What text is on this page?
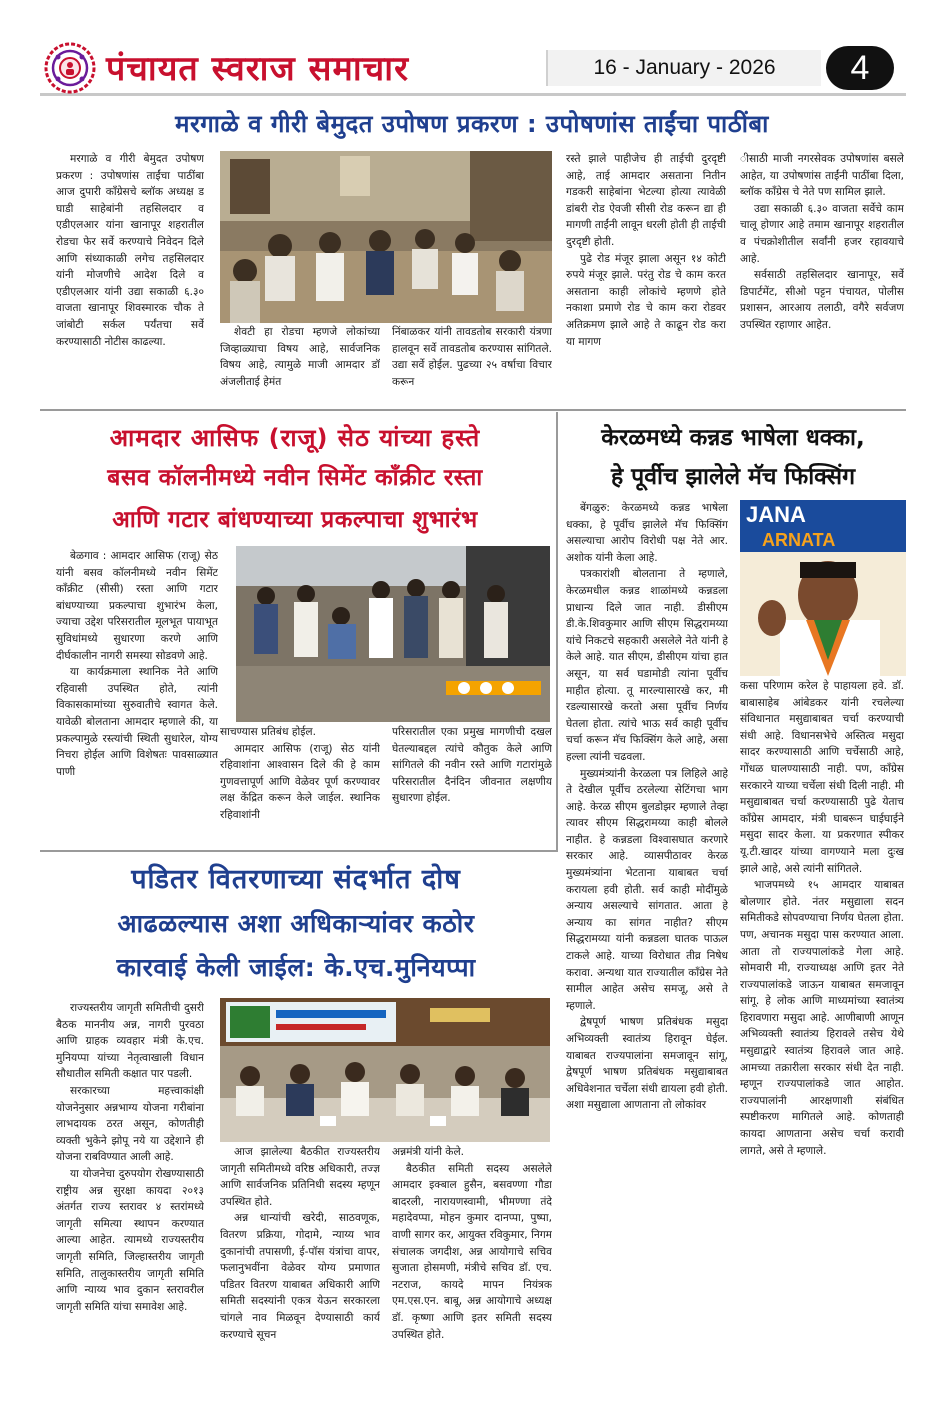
पंचायत स्वराज समाचार	16 - January - 2026	4
मरगाळे व गीरी बेमुदत उपोषण प्रकरण : उपोषणांस ताईंचा पाठींबा

मरगाळे व गीरी बेमुदत उपोषण प्रकरण : उपोषणांस ताईंचा पाठींबा आज दुपारी कॉंग्रेसचे ब्लॉक अध्यक्ष ड घाडी साहेबांनी तहसिलदार व एडीएलआर यांना खानापूर शहरातील रोडचा फेर सर्वे करण्याचे निवेदन दिले आणि संध्याकाळी लगेच तहसिलदार यांनी मोजणीचे आदेश दिले व एडीएलआर यांनी उद्या सकाळी ६.३० वाजता खानापूर शिवस्मारक चौक ते जांबोटी सर्कल पर्यंतचा सर्वे करण्यासाठी नोटीस काढल्या.

शेवटी हा रोडचा म्हणजे लोकांच्या जिव्हाळ्याचा विषय आहे, सार्वजनिक विषय आहे, त्यामुळे माजी आमदार डॉ अंजलीताई हेमंत

निंबाळकर यांनी तावडतोब सरकारी यंत्रणा हालवून सर्वे तावडतोब करण्यास सांगितले. उद्या सर्वे होईल. पुढच्या २५ वर्षाचा विचार करून

रस्ते झाले पाहीजेच ही ताईची दुरदृष्टी आहे, ताई आमदार असताना नितीन गडकरी साहेबांना भेटल्या होत्या त्यावेळी डांबरी रोड ऐवजी सीसी रोड करून द्या ही मागणी ताईंनी लावून धरली होती ही ताईची दुरदृष्टी होती.

पुढे रोड मंजूर झाला असून १४ कोटी रुपये मंजूर झाले. परंतु रोड चे काम करत असताना काही लोकांचे म्हणणे होते नकाशा प्रमाणे रोड चे काम करा रोडवर अतिक्रमण झाले आहे ते काढून रोड करा या मागण

ीसाठी माजी नगरसेवक उपोषणांस बसले आहेत, या उपोषणांस ताईंनी पाठींबा दिला, ब्लॉक कॉंग्रेस चे नेते पण सामिल झाले.

उद्या सकाळी ६.३० वाजता सर्वेचे काम चालू होणार आहे तमाम खानापूर शहरातील व पंचक्रोशीतील सर्वांनी हजर रहावयाचे आहे.

सर्वसाठी तहसिलदार खानापूर, सर्वे डिपार्टमेंट, सीओ पट्टन पंचायत, पोलीस प्रशासन, आरआय तलाठी, वगैरे सर्वजण उपस्थित रहाणार आहेत.

आमदार आसिफ (राजू) सेठ यांच्या हस्ते
बसव कॉलनीमध्ये नवीन सिमेंट कॉंक्रीट रस्ता
आणि गटार बांधण्याच्या प्रकल्पाचा शुभारंभ

बेळगाव : आमदार आसिफ (राजू) सेठ यांनी बसव कॉलनीमध्ये नवीन सिमेंट कॉंक्रीट (सीसी) रस्ता आणि गटार बांधण्याच्या प्रकल्पाचा शुभारंभ केला, ज्याचा उद्देश परिसरातील मूलभूत पायाभूत सुविधांमध्ये सुधारणा करणे आणि दीर्घकालीन नागरी समस्या सोडवणे आहे.

या कार्यक्रमाला स्थानिक नेते आणि रहिवासी उपस्थित होते, त्यांनी विकासकामांच्या सुरुवातीचे स्वागत केले. यावेळी बोलताना आमदार म्हणाले की, या प्रकल्पामुळे रस्त्यांची स्थिती सुधारेल, योग्य निचरा होईल आणि विशेषतः पावसाळ्यात पाणी

साचण्यास प्रतिबंध होईल.

आमदार आसिफ (राजू) सेठ यांनी रहिवाशांना आश्वासन दिले की हे काम गुणवत्तापूर्ण आणि वेळेवर पूर्ण करण्यावर लक्ष केंद्रित करून केले जाईल. स्थानिक रहिवाशांनी

परिसरातील एका प्रमुख मागणीची दखल घेतल्याबद्दल त्यांचे कौतुक केले आणि सांगितले की नवीन रस्ते आणि गटारांमुळे परिसरातील दैनंदिन जीवनात लक्षणीय सुधारणा होईल.

केरळमध्ये कन्नड भाषेला धक्का,
हे पूर्वीच झालेले मॅच फिक्सिंग

बेंगळुरु: केरळमध्ये कन्नड भाषेला धक्का, हे पूर्वीच झालेले मॅच फिक्सिंग असल्याचा आरोप विरोधी पक्ष नेते आर. अशोक यांनी केला आहे.

पत्रकारांशी बोलताना ते म्हणाले, केरळमधील कन्नड शाळांमध्ये कन्नडला प्राधान्य दिले जात नाही. डीसीएम डी.के.शिवकुमार आणि सीएम सिद्धरामय्या यांचे निकटचे सहकारी असलेले नेते यांनी हे केले आहे. यात सीएम, डीसीएम यांचा हात असून, या सर्व घडामोडी त्यांना पूर्वीच माहीत होत्या. तू मारल्यासारखे कर, मी रडल्यासारखे करतो असा पूर्वीच निर्णय घेतला होता. त्यांचे भाऊ सर्व काही पूर्वीच चर्चा करून मॅच फिक्सिंग केले आहे, असा हल्ला त्यांनी चढवला.

मुख्यमंत्र्यांनी केरळला पत्र लिहिले आहे ते देखील पूर्वीच ठरलेल्या सेटिंगचा भाग आहे. केरळ सीएम बुलडोझर म्हणाले तेव्हा त्यावर सीएम सिद्धरामय्या काही बोलले नाहीत. हे कन्नडला विश्वासघात करणारे सरकार आहे. व्यासपीठावर केरळ मुख्यमंत्र्यांना भेटताना याबाबत चर्चा करायला हवी होती. सर्व काही मोदींमुळे अन्याय असल्याचे सांगतात. आता हे अन्याय का सांगत नाहीत? सीएम सिद्धरामय्या यांनी कन्नडला घातक पाऊल टाकले आहे. याच्या विरोधात तीव्र निषेध करावा. अन्यथा यात राज्यातील कॉंग्रेस नेते सामील आहेत असेच समजू, असे ते म्हणाले.

द्वेषपूर्ण भाषण प्रतिबंधक मसुदा अभिव्यक्ती स्वातंत्र्य हिरावून घेईल. याबाबत राज्यपालांना समजावून सांगू, द्वेषपूर्ण भाषण प्रतिबंधक मसुद्याबाबत अधिवेशनात चर्चेला संधी द्यायला हवी होती. अशा मसुद्याला आणताना तो लोकांवर

JANA
ARNATA

कसा परिणाम करेल हे पाहायला हवे. डॉ. बाबासाहेब आंबेडकर यांनी रचलेल्या संविधानात मसुद्याबाबत चर्चा करण्याची संधी आहे. विधानसभेचे अस्तित्व मसुदा सादर करण्यासाठी आणि चर्चेसाठी आहे, गोंधळ घालण्यासाठी नाही. पण, कॉंग्रेस सरकारने याच्या चर्चेला संधी दिली नाही. मी मसुद्याबाबत चर्चा करण्यासाठी पुढे येताच कॉंग्रेस आमदार, मंत्री घाबरून घाईघाईने मसुदा सादर केला. या प्रकरणात स्पीकर यू.टी.खादर यांच्या वागण्याने मला दुःख झाले आहे, असे त्यांनी सांगितले.

भाजपमध्ये १५ आमदार याबाबत बोलणार होते. नंतर मसुद्याला सदन समितीकडे सोपवण्याचा निर्णय घेतला होता. पण, अचानक मसुदा पास करण्यात आला. आता तो राज्यपालांकडे गेला आहे. सोमवारी मी, राज्याध्यक्ष आणि इतर नेते राज्यपालांकडे जाऊन याबाबत समजावून सांगू. हे लोक आणि माध्यमांच्या स्वातंत्र्य हिरावणारा मसुदा आहे. आणीबाणी आणून अभिव्यक्ती स्वातंत्र्य हिरावले तसेच येथे मसुद्याद्वारे स्वातंत्र्य हिरावले जात आहे. आमच्या तक्रारीला सरकार संधी देत नाही. म्हणून राज्यपालांकडे जात आहोत. राज्यपालांनी आरक्षणाशी संबंधित स्पष्टीकरण मागितले आहे. कोणताही कायदा आणताना असेच चर्चा करावी लागते, असे ते म्हणाले.

पडितर वितरणाच्या संदर्भात दोष
आढळल्यास अशा अधिकाऱ्यांवर कठोर
कारवाई केली जाईल: के.एच.मुनियप्पा

राज्यस्तरीय जागृती समितीची दुसरी बैठक माननीय अन्न, नागरी पुरवठा आणि ग्राहक व्यवहार मंत्री के.एच. मुनियप्पा यांच्या नेतृत्वाखाली विधान सौधातील समिती कक्षात पार पडली.

सरकारच्या महत्त्वाकांक्षी योजनेनुसार अन्नभाग्य योजना गरीबांना लाभदायक ठरत असून, कोणतीही व्यक्ती भुकेने झोपू नये या उद्देशाने ही योजना राबविण्यात आली आहे.

या योजनेचा दुरुपयोग रोखण्यासाठी राष्ट्रीय अन्न सुरक्षा कायदा २०१३ अंतर्गत राज्य स्तरावर ४ स्तरांमध्ये जागृती समित्या स्थापन करण्यात आल्या आहेत. त्यामध्ये राज्यस्तरीय जागृती समिति, जिल्हास्तरीय जागृती समिति, तालुकास्तरीय जागृती समिति आणि न्याय्य भाव दुकान स्तरावरील जागृती समिति यांचा समावेश आहे.

आज झालेल्या बैठकीत राज्यस्तरीय जागृती समितीमध्ये वरिष्ठ अधिकारी, तज्ज्ञ आणि सार्वजनिक प्रतिनिधी सदस्य म्हणून उपस्थित होते.

अन्न धान्यांची खरेदी, साठवणूक, वितरण प्रक्रिया, गोदामे, न्याय्य भाव दुकानांची तपासणी, ई-पॉस यंत्रांचा वापर, फलानुभवींना वेळेवर योग्य प्रमाणात पडितर वितरण याबाबत अधिकारी आणि समिती सदस्यांनी एकत्र येऊन सरकारला चांगले नाव मिळवून देण्यासाठी कार्य करण्याचे सूचन

अन्नमंत्री यांनी केले.

बैठकीत समिती सदस्य असलेले आमदार इक्बाल हुसैन, बसवण्णा गौडा बादरली, नारायणस्वामी, भीमण्णा तंदे महादेवप्पा, मोहन कुमार दानप्पा, पुष्पा, वाणी सागर कर, आयुक्त रविकुमार, निगम संचालक जगदीश, अन्न आयोगाचे सचिव सुजाता होसमणी, मंत्रीचे सचिव डॉ. एच. नटराज, कायदे मापन नियंत्रक एम.एस.एन. बाबू, अन्न आयोगाचे अध्यक्ष डॉ. कृष्णा आणि इतर समिती सदस्य उपस्थित होते.
